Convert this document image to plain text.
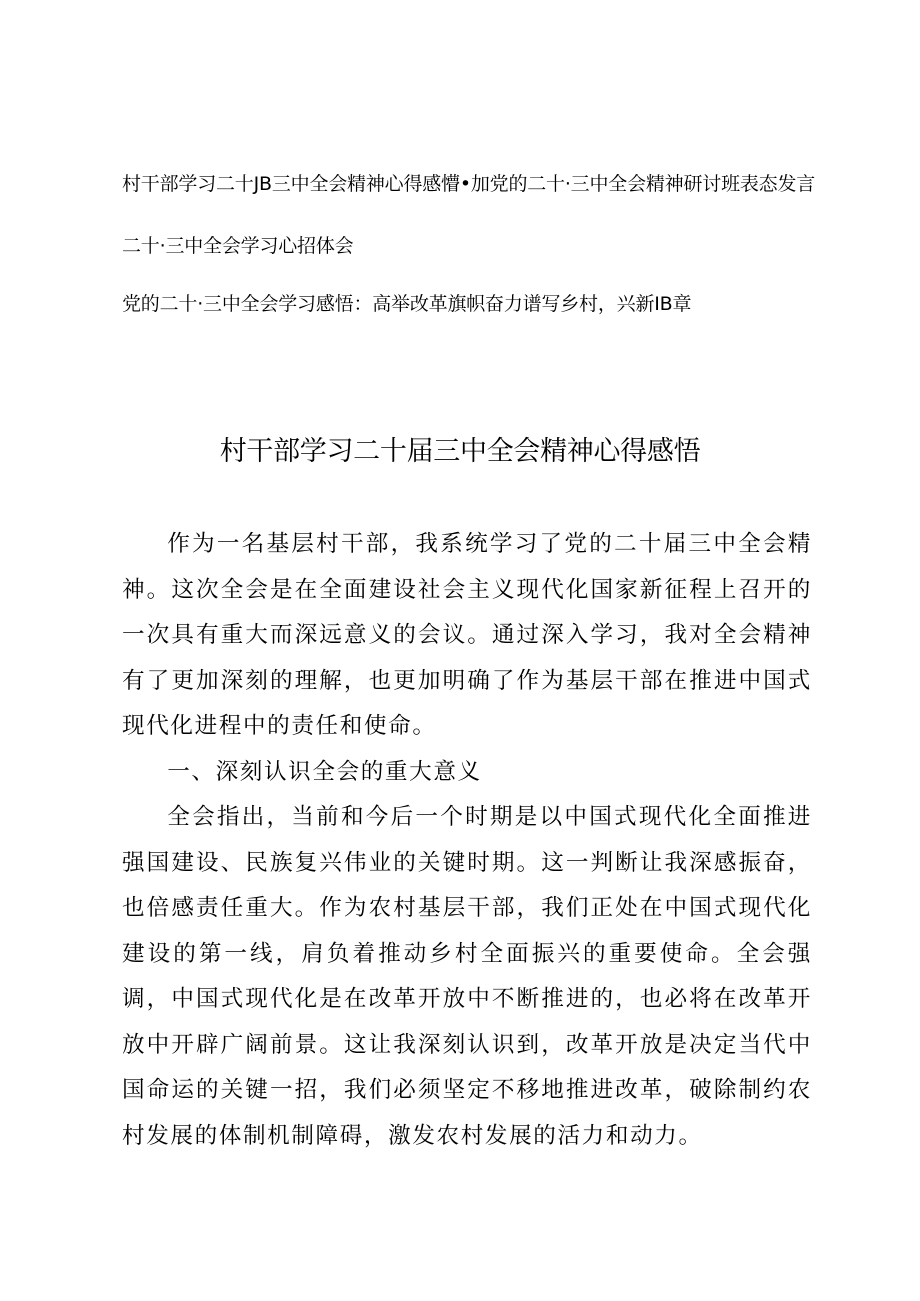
村干部学习二十JB三中全会精神心得感懵•加党的二十·三中全会精神研讨班表态发言

二十·三中全会学习心招体会

党的二十·三中全会学习感悟：高举改革旗帜奋力谱写乡村，兴新IB章

村干部学习二十届三中全会精神心得感悟

作为一名基层村干部，我系统学习了党的二十届三中全会精神。这次全会是在全面建设社会主义现代化国家新征程上召开的一次具有重大而深远意义的会议。通过深入学习，我对全会精神有了更加深刻的理解，也更加明确了作为基层干部在推进中国式现代化进程中的责任和使命。

一、深刻认识全会的重大意义

全会指出，当前和今后一个时期是以中国式现代化全面推进强国建设、民族复兴伟业的关键时期。这一判断让我深感振奋，也倍感责任重大。作为农村基层干部，我们正处在中国式现代化建设的第一线，肩负着推动乡村全面振兴的重要使命。全会强调，中国式现代化是在改革开放中不断推进的，也必将在改革开放中开辟广阔前景。这让我深刻认识到，改革开放是决定当代中国命运的关键一招，我们必须坚定不移地推进改革，破除制约农村发展的体制机制障碍，激发农村发展的活力和动力。
